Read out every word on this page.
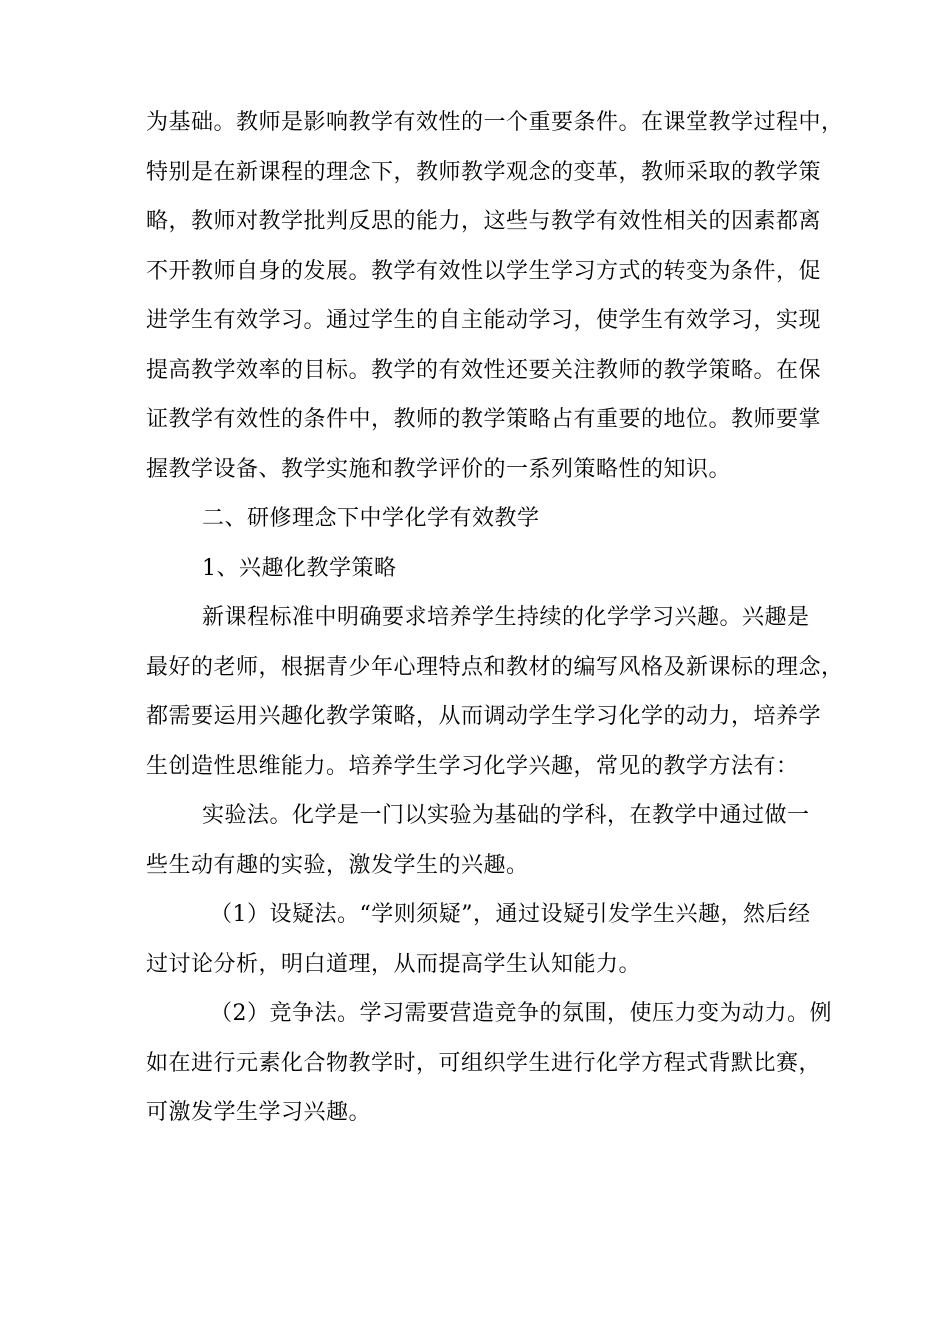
为基础。教师是影响教学有效性的一个重要条件。在课堂教学过程中，
特别是在新课程的理念下，教师教学观念的变革，教师采取的教学策
略，教师对教学批判反思的能力，这些与教学有效性相关的因素都离
不开教师自身的发展。教学有效性以学生学习方式的转变为条件，促
进学生有效学习。通过学生的自主能动学习，使学生有效学习，实现
提高教学效率的目标。教学的有效性还要关注教师的教学策略。在保
证教学有效性的条件中，教师的教学策略占有重要的地位。教师要掌
握教学设备、教学实施和教学评价的一系列策略性的知识。
二、研修理念下中学化学有效教学
1、兴趣化教学策略
新课程标准中明确要求培养学生持续的化学学习兴趣。兴趣是
最好的老师，根据青少年心理特点和教材的编写风格及新课标的理念，
都需要运用兴趣化教学策略，从而调动学生学习化学的动力，培养学
生创造性思维能力。培养学生学习化学兴趣，常见的教学方法有：
实验法。化学是一门以实验为基础的学科，在教学中通过做一
些生动有趣的实验，激发学生的兴趣。
（1）设疑法。“学则须疑”，通过设疑引发学生兴趣，然后经
过讨论分析，明白道理，从而提高学生认知能力。
（2）竞争法。学习需要营造竞争的氛围，使压力变为动力。例
如在进行元素化合物教学时，可组织学生进行化学方程式背默比赛，
可激发学生学习兴趣。
